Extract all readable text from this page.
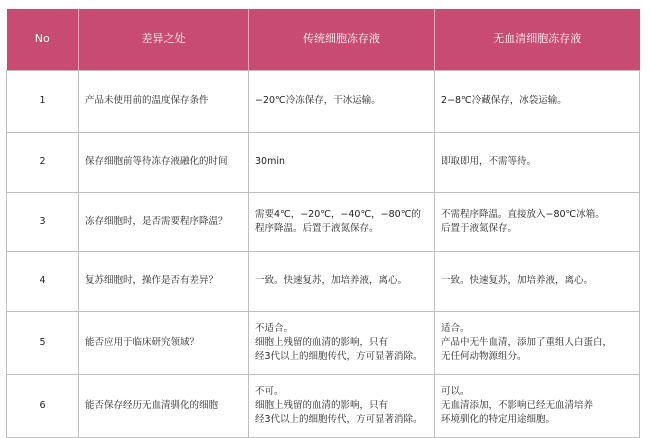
No	差异之处	传统细胞冻存液	无血清细胞冻存液
1	产品未使用前的温度保存条件	−20℃冷冻保存，干冰运输。	2−8℃冷藏保存，冰袋运输。

2	保存细胞前等待冻存液融化的时间	30min	即取即用，不需等待。

3	冻存细胞时，是否需要程序降温？	需要4℃，−20℃，−40℃，−80℃的
程序降温。后置于液氮保存。	不需程序降温。直接放入−80℃冰箱。
后置于液氮保存。

4	复苏细胞时，操作是否有差异？	一致。快速复苏，加培养液，离心。	一致。快速复苏，加培养液，离心。

5	能否应用于临床研究领域？	不适合。
细胞上残留的血清的影响，只有
经3代以上的细胞传代，方可显著消除。	适合。
产品中无牛血清，添加了重组人白蛋白，
无任何动物源组分。

6	能否保存经历无血清驯化的细胞	不可。
细胞上残留的血清的影响，只有
经3代以上的细胞传代，方可显著消除。	可以。
无血清添加，不影响已经无血清培养
环境驯化的特定用途细胞。
